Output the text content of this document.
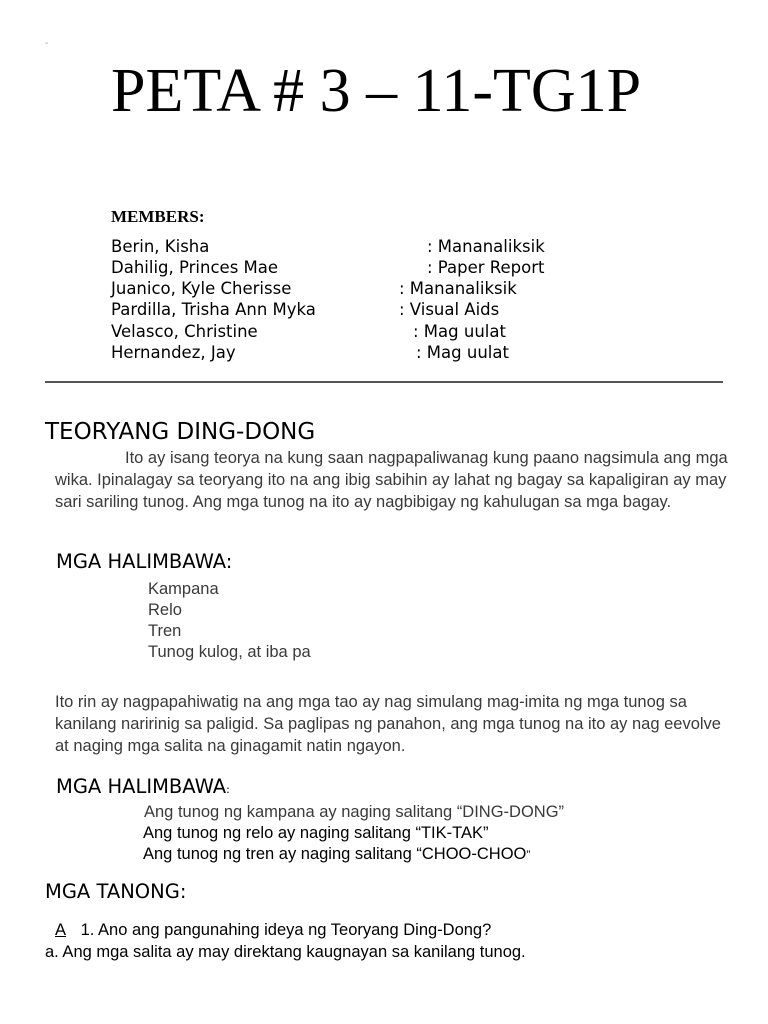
-
PETA # 3 – 11-TG1P
MEMBERS:
Berin, Kisha	: Mananaliksik
Dahilig, Princes Mae	: Paper Report
Juanico, Kyle Cherisse	: Mananaliksik
Pardilla, Trisha Ann Myka	: Visual Aids
Velasco, Christine	: Mag uulat
Hernandez, Jay	: Mag uulat
TEORYANG DING-DONG
Ito ay isang teorya na kung saan nagpapaliwanag kung paano nagsimula ang mga wika. Ipinalagay sa teoryang ito na ang ibig sabihin ay lahat ng bagay sa kapaligiran ay may sari sariling tunog. Ang mga tunog na ito ay nagbibigay ng kahulugan sa mga bagay.
MGA HALIMBAWA:
Kampana
Relo
Tren
Tunog kulog, at iba pa
Ito rin ay nagpapahiwatig na ang mga tao ay nag simulang mag-imita ng mga tunog sa kanilang naririnig sa paligid. Sa paglipas ng panahon, ang mga tunog na ito ay nag eevolve at naging mga salita na ginagamit natin ngayon.
MGA HALIMBAWA:
Ang tunog ng kampana ay naging salitang “DING-DONG”
Ang tunog ng relo ay naging salitang “TIK-TAK”
Ang tunog ng tren ay naging salitang “CHOO-CHOO”
MGA TANONG:
A 1. Ano ang pangunahing ideya ng Teoryang Ding-Dong?
a. Ang mga salita ay may direktang kaugnayan sa kanilang tunog.
